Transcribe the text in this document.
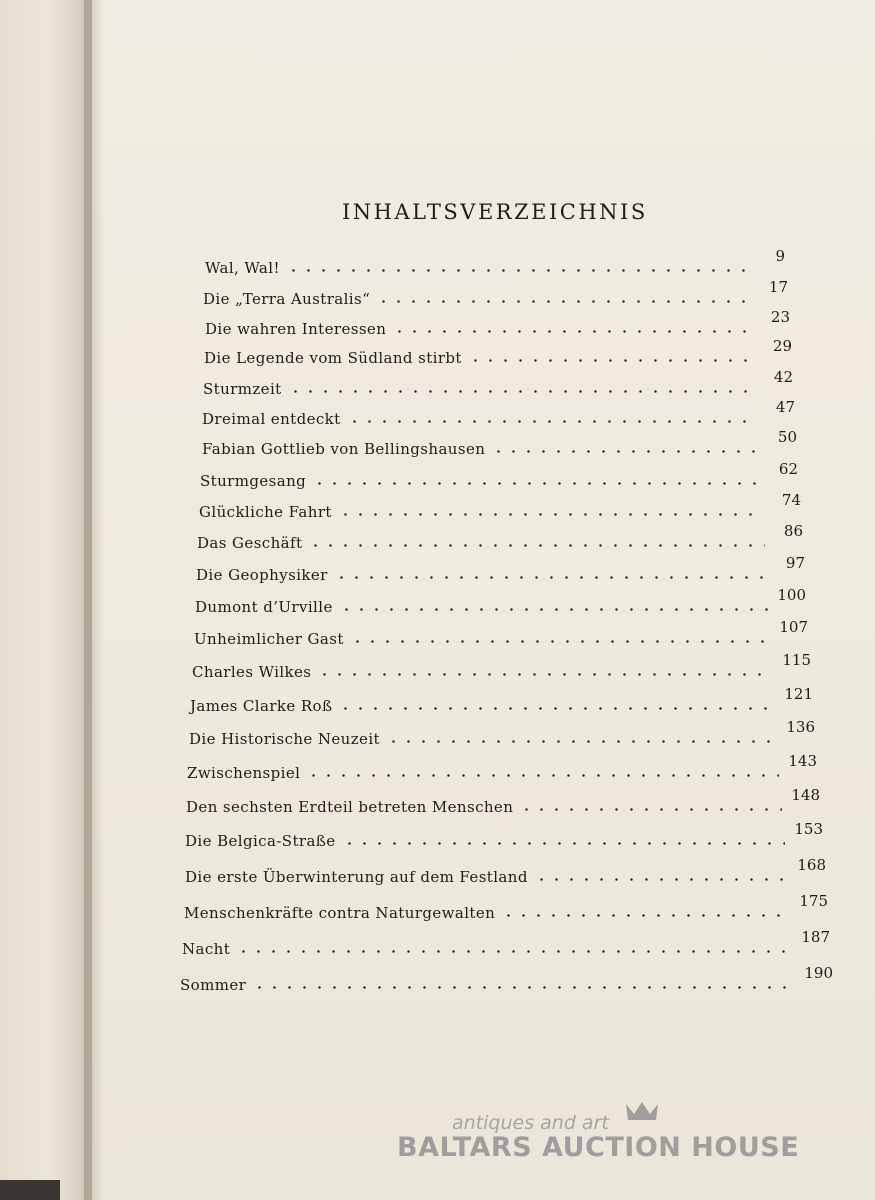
INHALTSVERZEICHNIS
Wal, Wal!
9
Die „Terra Australis“
17
Die wahren Interessen
23
Die Legende vom Südland stirbt
29
Sturmzeit
42
Dreimal entdeckt
47
Fabian Gottlieb von Bellingshausen
50
Sturmgesang
62
Glückliche Fahrt
74
Das Geschäft
86
Die Geophysiker
97
Dumont d’Urville
100
Unheimlicher Gast
107
Charles Wilkes
115
James Clarke Roß
121
Die Historische Neuzeit
136
Zwischenspiel
143
Den sechsten Erdteil betreten Menschen
148
Die Belgica-Straße
153
Die erste Überwinterung auf dem Festland
168
Menschenkräfte contra Naturgewalten
175
Nacht
187
Sommer
190
antiques and art
BALTARS AUCTION HOUSE
